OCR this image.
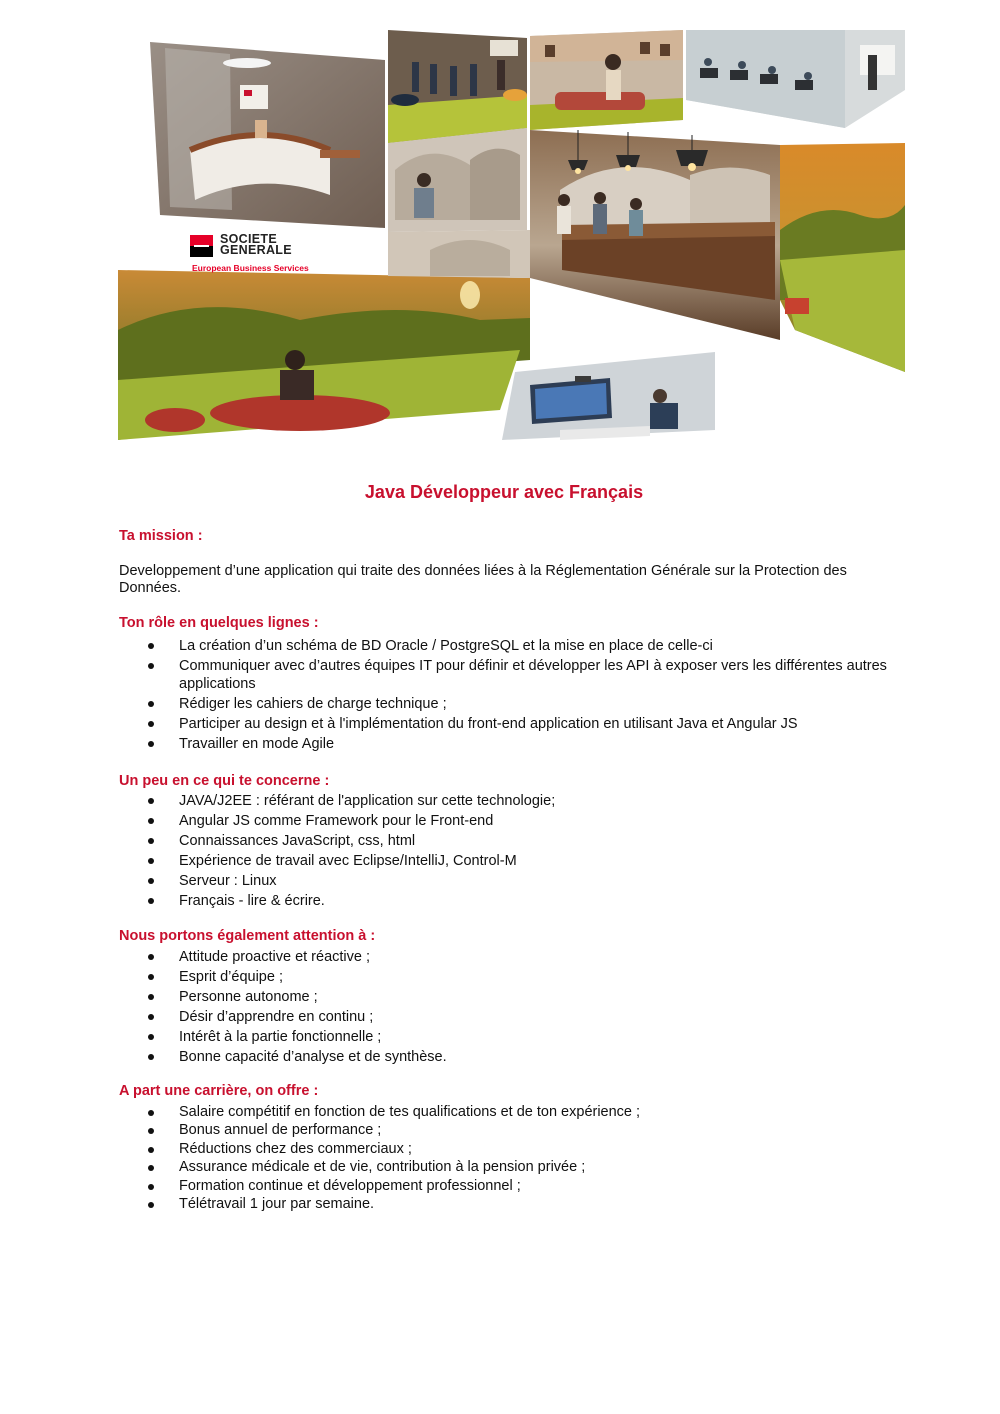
SOCIETE GENERALE
European Business Services
Java Développeur avec Français
Ta mission :
Developpement d’une application qui traite des données liées à la Réglementation Générale sur la Protection des Données.
Ton rôle en quelques lignes :
La création d’un schéma de BD Oracle / PostgreSQL et la mise en place de celle-ci
Communiquer avec d’autres équipes IT pour définir et développer les API à exposer vers les différentes autres applications
Rédiger les cahiers de charge technique ;
Participer au design et à l'implémentation du front-end application en utilisant Java et Angular JS
Travailler en mode Agile
Un peu en ce qui te concerne :
JAVA/J2EE : référant de l'application sur cette technologie;
Angular JS comme Framework pour le Front-end
Connaissances JavaScript, css, html
Expérience de travail avec Eclipse/IntelliJ, Control-M
Serveur : Linux
Français - lire & écrire.
Nous portons également attention à :
Attitude proactive et réactive ;
Esprit d’équipe ;
Personne autonome ;
Désir d’apprendre en continu ;
Intérêt à la partie fonctionnelle ;
Bonne capacité d’analyse et de synthèse.
A part une carrière, on offre :
Salaire compétitif en fonction de tes qualifications et de ton expérience ;
Bonus annuel de performance ;
Réductions chez des commerciaux ;
Assurance médicale et de vie, contribution à la pension privée ;
Formation continue et développement professionnel ;
Télétravail 1 jour par semaine.
